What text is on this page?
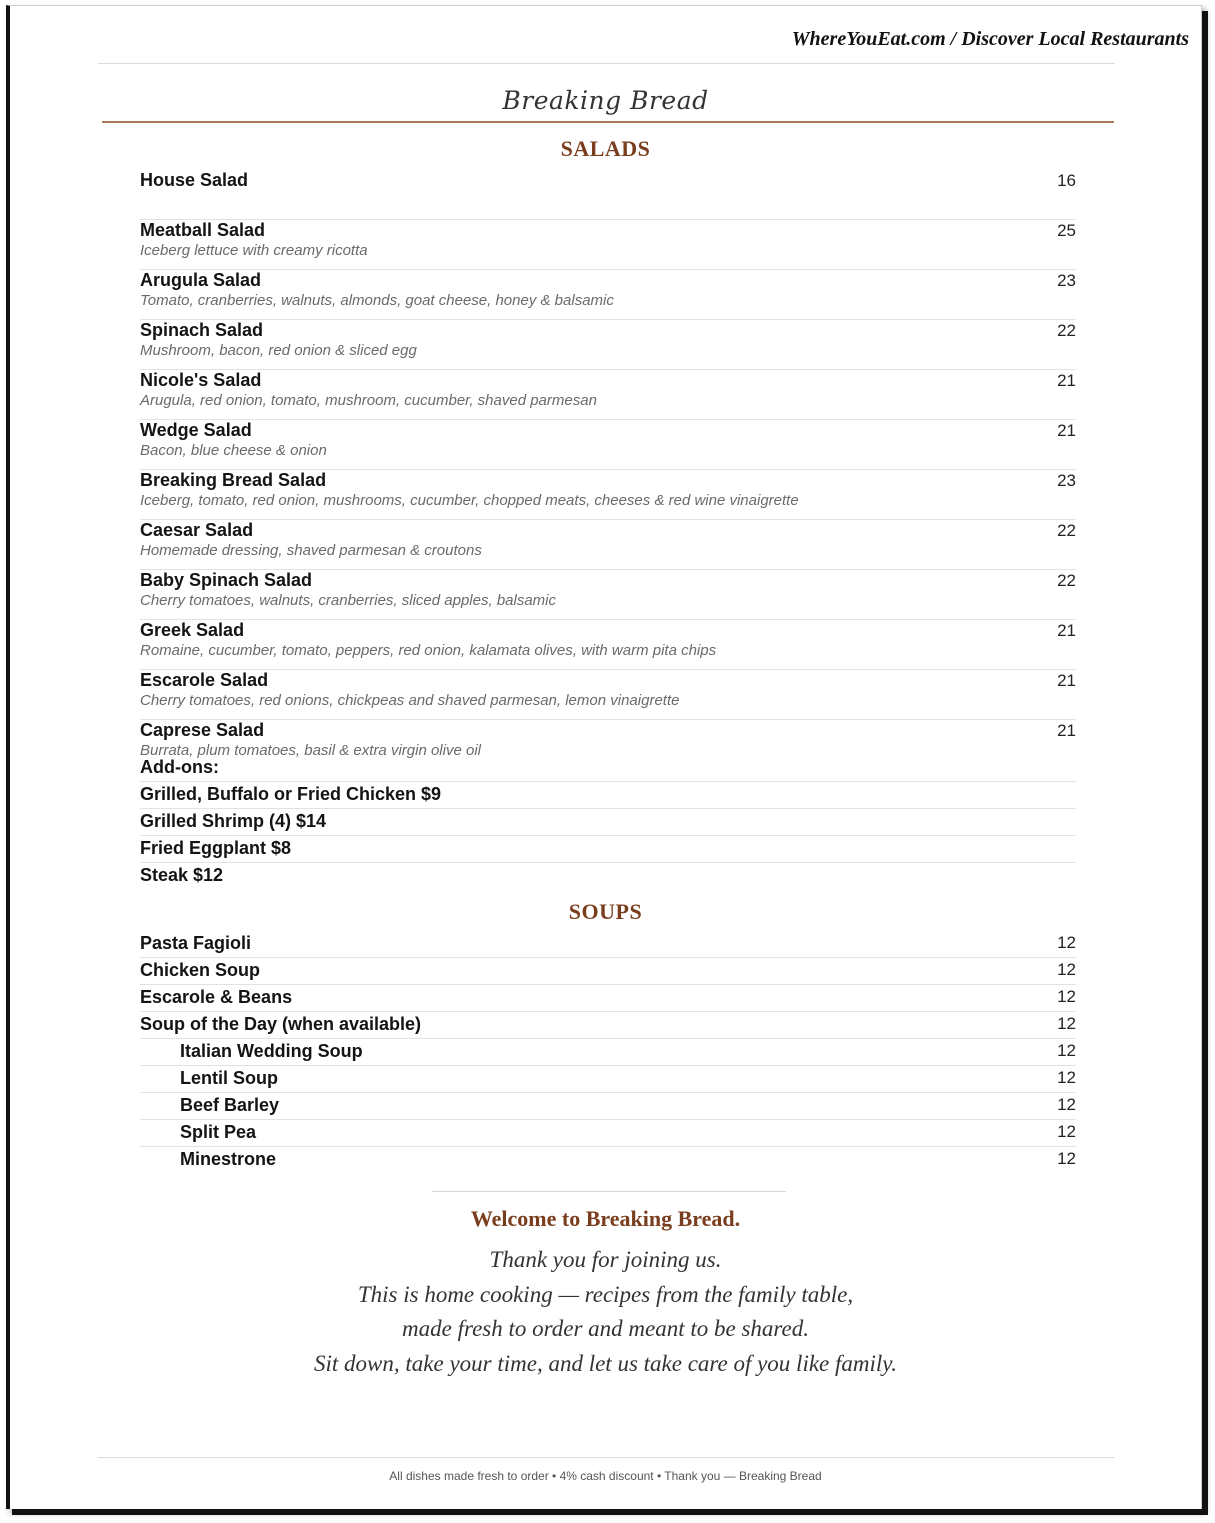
WhereYouEat.com / Discover Local Restaurants
Breaking Bread
SALADS
House Salad	16
Meatball Salad	25
Iceberg lettuce with creamy ricotta
Arugula Salad	23
Tomato, cranberries, walnuts, almonds, goat cheese, honey & balsamic
Spinach Salad	22
Mushroom, bacon, red onion & sliced egg
Nicole's Salad	21
Arugula, red onion, tomato, mushroom, cucumber, shaved parmesan
Wedge Salad	21
Bacon, blue cheese & onion
Breaking Bread Salad	23
Iceberg, tomato, red onion, mushrooms, cucumber, chopped meats, cheeses & red wine vinaigrette
Caesar Salad	22
Homemade dressing, shaved parmesan & croutons
Baby Spinach Salad	22
Cherry tomatoes, walnuts, cranberries, sliced apples, balsamic
Greek Salad	21
Romaine, cucumber, tomato, peppers, red onion, kalamata olives, with warm pita chips
Escarole Salad	21
Cherry tomatoes, red onions, chickpeas and shaved parmesan, lemon vinaigrette
Caprese Salad	21
Burrata, plum tomatoes, basil & extra virgin olive oil
Add-ons:
Grilled, Buffalo or Fried Chicken $9
Grilled Shrimp (4) $14
Fried Eggplant $8
Steak $12
SOUPS
Pasta Fagioli	12
Chicken Soup	12
Escarole & Beans	12
Soup of the Day (when available)	12
Italian Wedding Soup	12
Lentil Soup	12
Beef Barley	12
Split Pea	12
Minestrone	12
Welcome to Breaking Bread.
Thank you for joining us.
This is home cooking — recipes from the family table,
made fresh to order and meant to be shared.
Sit down, take your time, and let us take care of you like family.
All dishes made fresh to order • 4% cash discount • Thank you — Breaking Bread
